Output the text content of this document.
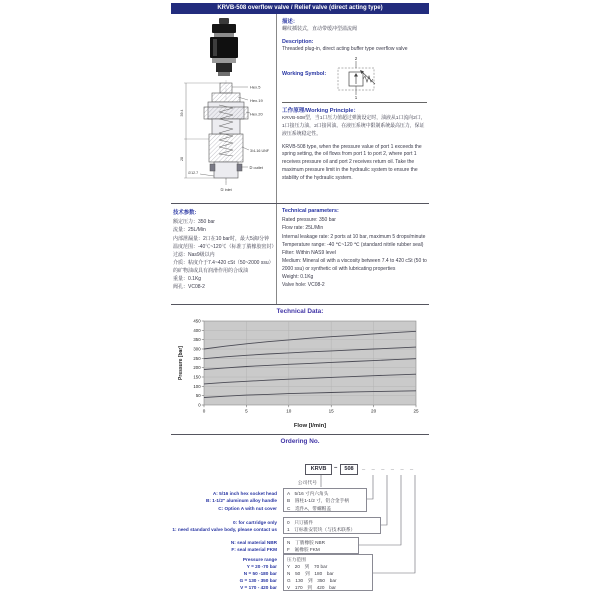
KRVB-508 overflow valve / Relief valve (direct acting type)
Hex.5
Hex.19
Hex.20
3/4-16 UNF
② outlet
39.4
28
∅12.7
① inlet
描述：
螺纹插装式，直动带缓冲型溢流阀
Description:
Threaded plug-in, direct acting buffer type overflow valve
Working Symbol:
2
1
工作原理/Working Principle：
KRVB-508型，当1口压力值超过弹簧设定时，油液从1口流向2口，1口接压力油，2口接回油。在液压系统中限制系统最高压力，保证液压系统稳定性。
KRVB-508 type, when the pressure value of port 1 exceeds the spring setting, the oil flows from port 1 to port 2, where port 1 receives pressure oil and port 2 receives return oil. Take the maximum pressure limit in the hydraulic system to ensure the stability of the hydraulic system.
技术参数:
额定压力：350 bar
流量：25L/Min
内部泄漏量：2口在10 bar时，最大5滴/分钟
温度范围：-40℃~120℃（标准丁腈橡胶密封）
过滤：Nas9级以内
介质：粘度介于7.4~420 cSt（50~2000 ssu）的矿物油或具有润滑作用的合成油
重量：0.1Kg
阀孔：VC08-2
Technical parameters:
Rated pressure: 350 bar
Flow rate: 25L/Min
Internal leakage rate: 2 ports at 10 bar, maximum 5 drops/minute
Temperature range: -40 ℃~120 ℃ (standard nitrile rubber seal)
Filter: Within NAS9 level
Medium: Mineral oil with a viscosity between 7.4 to 420 cSt (50 to 2000 ssu) or synthetic oil with lubricating properties
Weight: 0.1Kg
Valve hole: VC08-2
Technical Data:
0
50
100
150
200
250
300
350
400
450
0	5	10	15	20	25
Pressure [bar]
Flow [l/min]
Ordering No.
KRVB	–	508	______
公司代号
A: 5/16 inch hex socket head
B: 1-1/2" aluminum alloy handle
C: Option A with nut cover
A　5/16 寸内六角头
B　圆柱1-1/2 寸，铝合金手柄
C　选件A，带螺帽盖
0: for cartridge only
1: need standard valve body, please contact us
0　只订插件
1　订标准安装块（与技术联系）
N: seal material NBR
F: seal material FKM
N　丁腈橡胶 NBR
F　氟橡胶 FKM
Pressure range
Y = 20 -70 bar
N = 50 -180 bar
G = 130 - 350 bar
V = 170 - 420 bar
压力范围
Y　20　到　70 bar
N　50　到　180　bar
G　130　到　350　bar
V　170　到　420　bar
